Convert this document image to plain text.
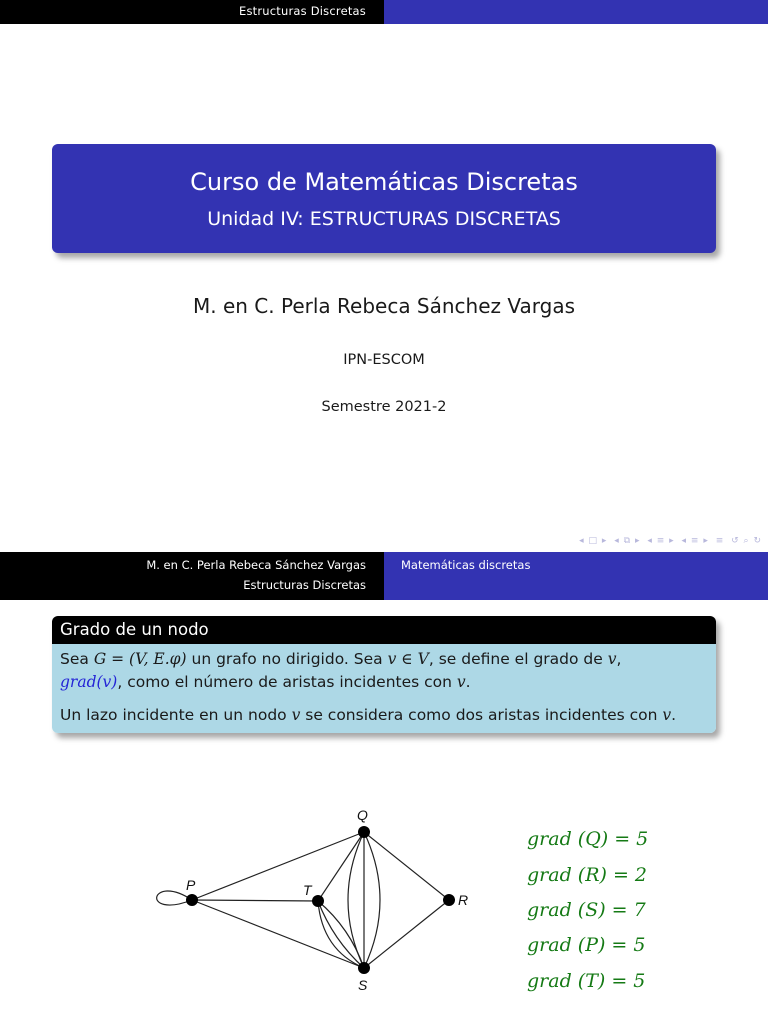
Estructuras Discretas
Curso de Matemáticas Discretas
Unidad IV: ESTRUCTURAS DISCRETAS
M. en C. Perla Rebeca Sánchez Vargas
IPN-ESCOM
Semestre 2021-2
◂ □ ▸ ◂ ⧉ ▸ ◂ ≡ ▸ ◂ ≡ ▸ ≡ ↺ ⌕ ↻
M. en C. Perla Rebeca Sánchez Vargas
Estructuras Discretas
Matemáticas discretas
Grado de un nodo

Sea G = (V, E.φ) un grafo no dirigido. Sea v ∈ V, se define el grado de v,
grad(v), como el número de aristas incidentes con v.

Un lazo incidente en un nodo v se considera como dos aristas incidentes con v.

P	T
Q
R
S
grad (Q) = 5
grad (R) = 2
grad (S) = 7
grad (P) = 5
grad (T) = 5
